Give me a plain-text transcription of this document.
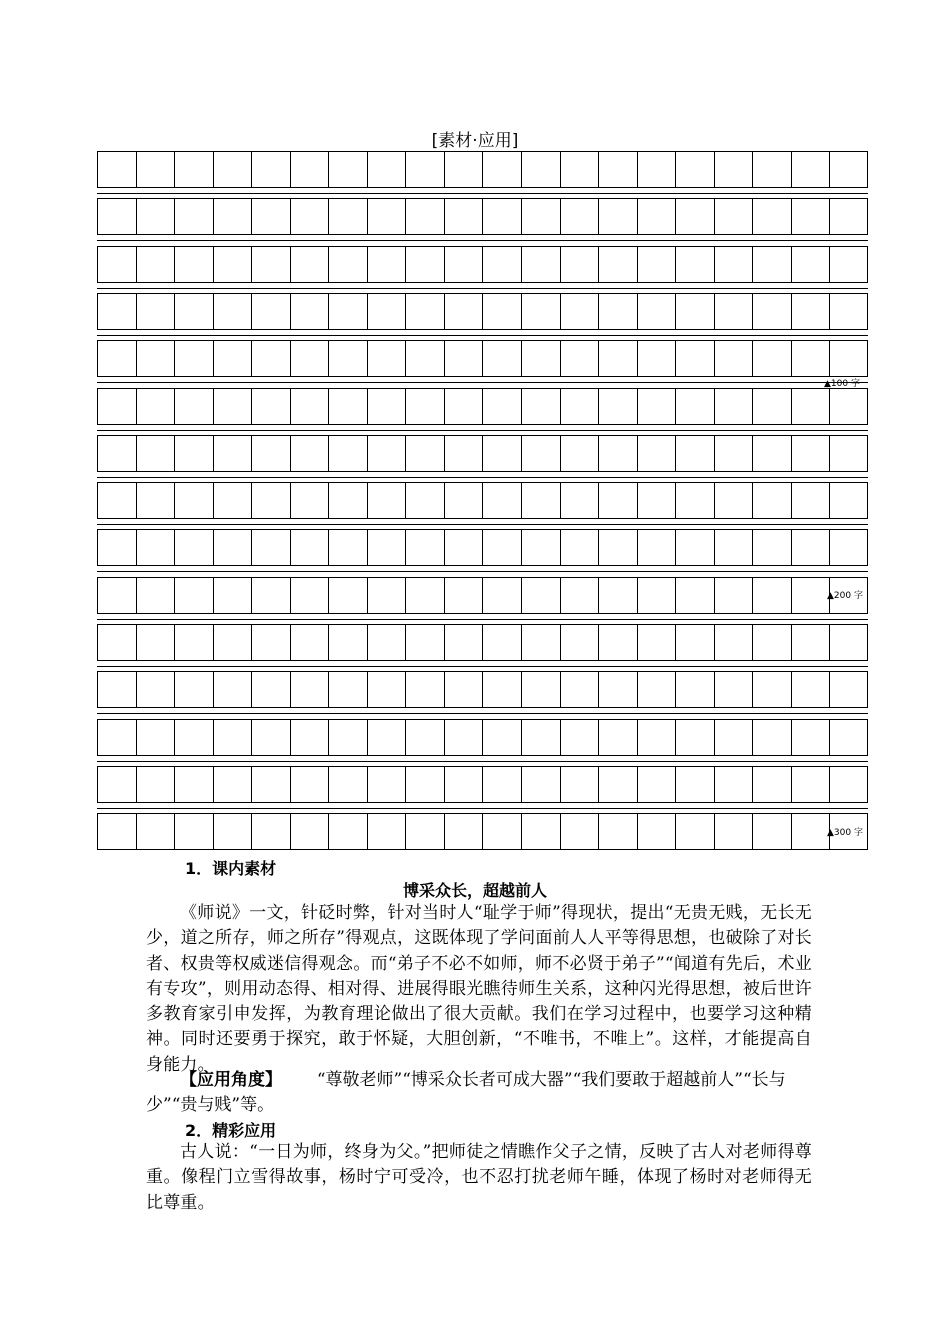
[素材·应用]
▲100 字
▲200 字
▲300 字
1．课内素材
博采众长，超越前人
《师说》一文，针砭时弊，针对当时人“耻学于师”得现状，提出“无贵无贱，无长无少，道之所存，师之所存”得观点，这既体现了学问面前人人平等得思想，也破除了对长者、权贵等权威迷信得观念。而“弟子不必不如师，师不必贤于弟子”“闻道有先后，术业有专攻”，则用动态得、相对得、进展得眼光瞧待师生关系，这种闪光得思想，被后世许多教育家引申发挥，为教育理论做出了很大贡献。我们在学习过程中，也要学习这种精神。同时还要勇于探究，敢于怀疑，大胆创新，“不唯书，不唯上”。这样，才能提高自身能力。
【应用角度】 “尊敬老师”“博采众长者可成大器”“我们要敢于超越前人”“长与少”“贵与贱”等。
2．精彩应用
古人说：“一日为师，终身为父。”把师徒之情瞧作父子之情，反映了古人对老师得尊重。像程门立雪得故事，杨时宁可受冷，也不忍打扰老师午睡，体现了杨时对老师得无比尊重。
